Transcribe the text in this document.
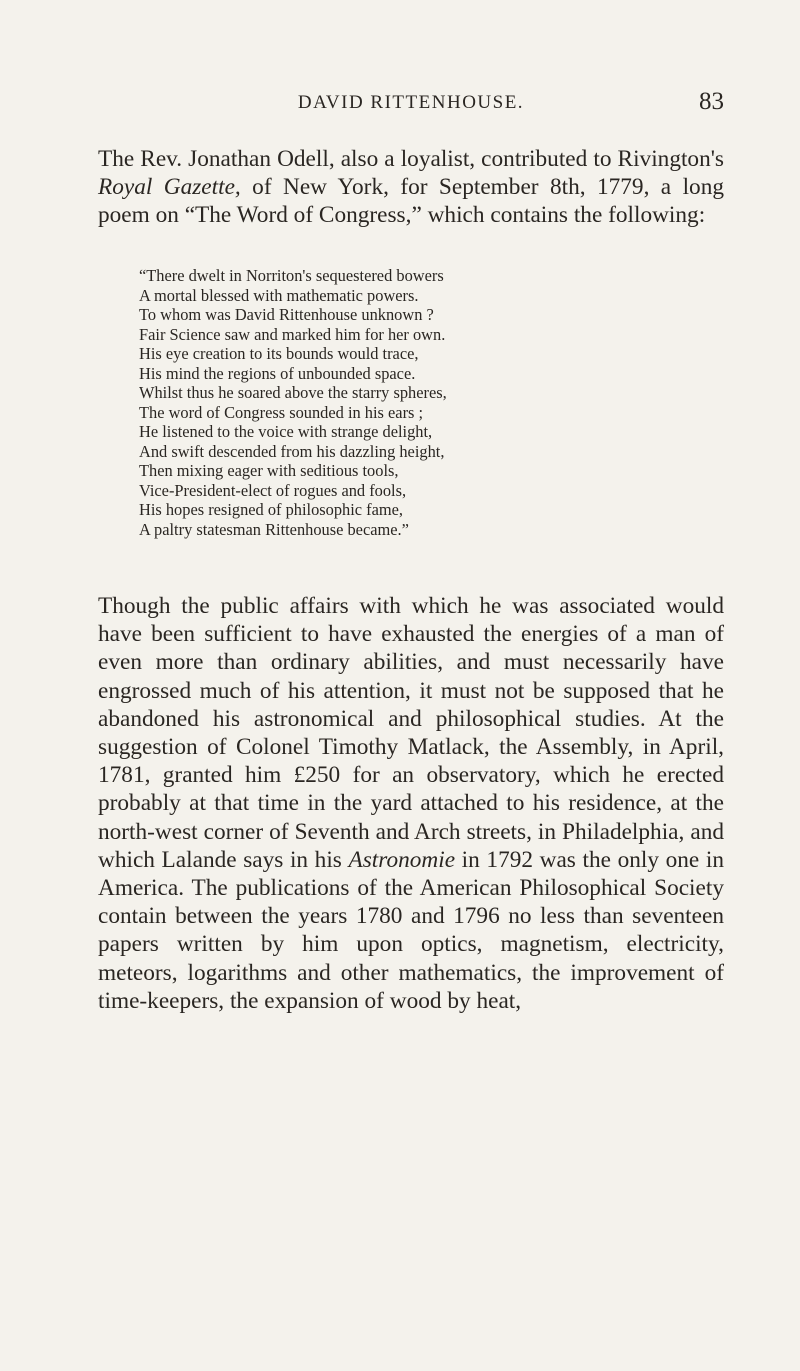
DAVID RITTENHOUSE.	83

The Rev. Jonathan Odell, also a loyalist, contributed to Rivington's Royal Gazette, of New York, for September 8th, 1779, a long poem on “The Word of Congress,” which contains the following:

“There dwelt in Norriton's sequestered bowers
A mortal blessed with mathematic powers.
To whom was David Rittenhouse unknown ?
Fair Science saw and marked him for her own.
His eye creation to its bounds would trace,
His mind the regions of unbounded space.
Whilst thus he soared above the starry spheres,
The word of Congress sounded in his ears ;
He listened to the voice with strange delight,
And swift descended from his dazzling height,
Then mixing eager with seditious tools,
Vice-President-elect of rogues and fools,
His hopes resigned of philosophic fame,
A paltry statesman Rittenhouse became.”

Though the public affairs with which he was associated would have been sufficient to have exhausted the energies of a man of even more than ordinary abilities, and must necessarily have engrossed much of his attention, it must not be supposed that he abandoned his astronomical and philosophical studies. At the suggestion of Colonel Timothy Matlack, the Assembly, in April, 1781, granted him £250 for an observatory, which he erected probably at that time in the yard attached to his residence, at the north-west corner of Seventh and Arch streets, in Philadelphia, and which Lalande says in his Astronomie in 1792 was the only one in America. The publications of the American Philosophical Society contain between the years 1780 and 1796 no less than seventeen papers written by him upon optics, magnetism, electricity, meteors, logarithms and other mathematics, the improvement of time-keepers, the expansion of wood by heat,
